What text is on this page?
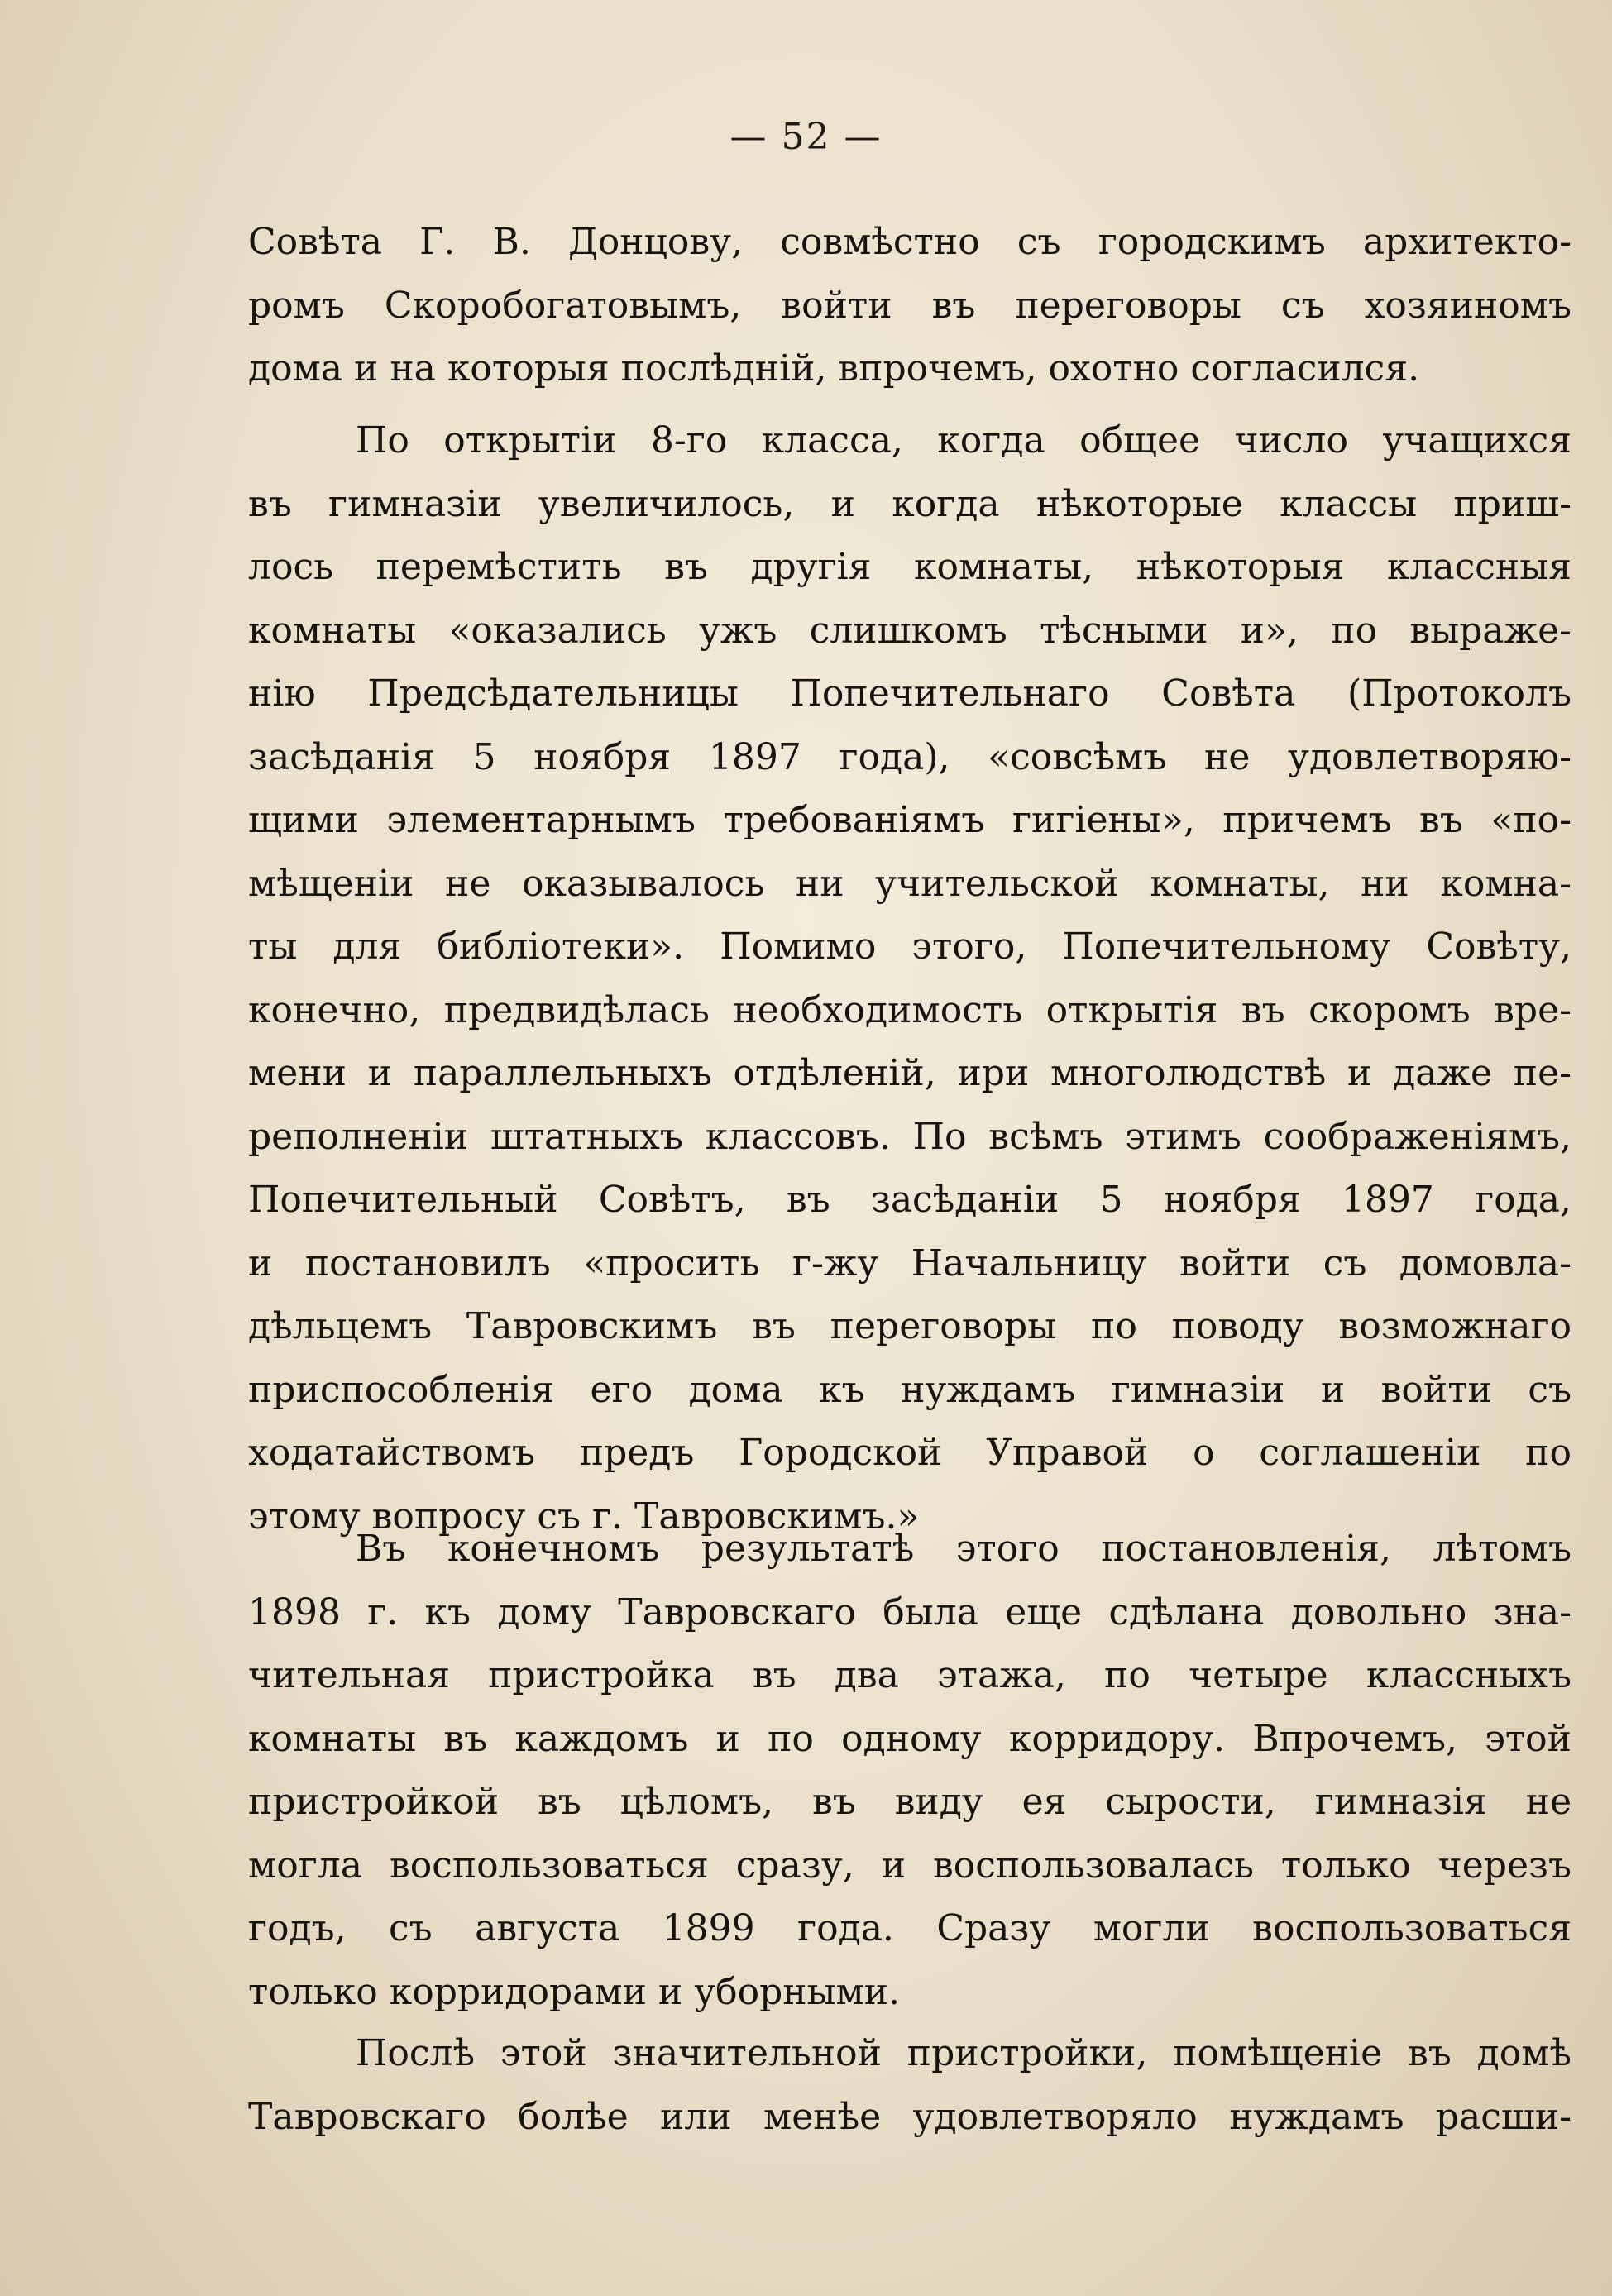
— 52 —
Совѣта Г. В. Донцову, совмѣстно съ городскимъ архитекто-
ромъ Скоробогатовымъ, войти въ переговоры съ хозяиномъ
дома и на которыя послѣдній, впрочемъ, охотно согласился.
По открытіи 8-го класса, когда общее число учащихся
въ гимназіи увеличилось, и когда нѣкоторые классы приш-
лось перемѣстить въ другія комнаты, нѣкоторыя классныя
комнаты «оказались ужъ слишкомъ тѣсными и», по выраже-
нію Предсѣдательницы Попечительнаго Совѣта (Протоколъ
засѣданія 5 ноября 1897 года), «совсѣмъ не удовлетворяю-
щими элементарнымъ требованіямъ гигіены», причемъ въ «по-
мѣщеніи не оказывалось ни учительской комнаты, ни комна-
ты для библіотеки». Помимо этого, Попечительному Совѣту,
конечно, предвидѣлась необходимость открытія въ скоромъ вре-
мени и параллельныхъ отдѣленій, ири многолюдствѣ и даже пе-
реполненіи штатныхъ классовъ. По всѣмъ этимъ соображеніямъ,
Попечительный Совѣтъ, въ засѣданіи 5 ноября 1897 года,
и постановилъ «просить г-жу Начальницу войти съ домовла-
дѣльцемъ Тавровскимъ въ переговоры по поводу возможнаго
приспособленія его дома къ нуждамъ гимназіи и войти съ
ходатайствомъ предъ Городской Управой о соглашеніи по
этому вопросу съ г. Тавровскимъ.»
Въ конечномъ результатѣ этого постановленія, лѣтомъ
1898 г. къ дому Тавровскаго была еще сдѣлана довольно зна-
чительная пристройка въ два этажа, по четыре классныхъ
комнаты въ каждомъ и по одному корридору. Впрочемъ, этой
пристройкой въ цѣломъ, въ виду ея сырости, гимназія не
могла воспользоваться сразу, и воспользовалась только черезъ
годъ, съ августа 1899 года. Сразу могли воспользоваться
только корридорами и уборными.
Послѣ этой значительной пристройки, помѣщеніе въ домѣ
Тавровскаго болѣе или менѣе удовлетворяло нуждамъ расши-
